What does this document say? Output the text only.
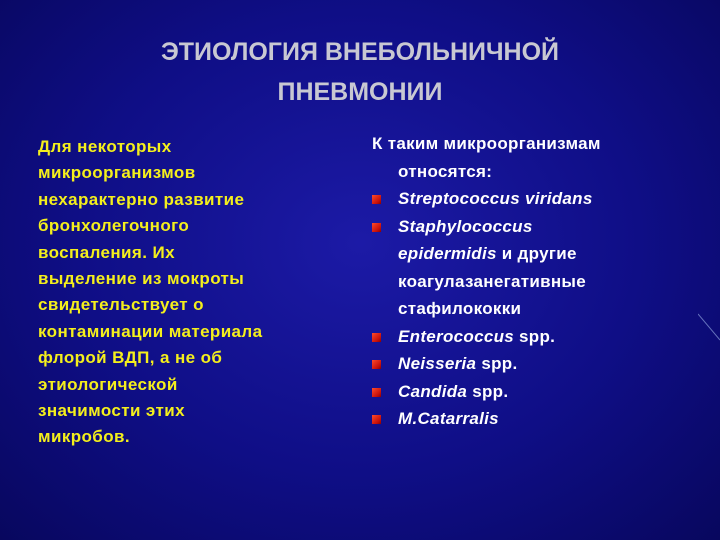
ЭТИОЛОГИЯ ВНЕБОЛЬНИЧНОЙ
ПНЕВМОНИИ
Для некоторых
микроорганизмов
нехарактерно развитие
бронхолегочного
воспаления. Их
выделение из мокроты
свидетельствует о
контаминации материала
флорой ВДП, а не об
этиологической
значимости этих
микробов.
К таким микроорганизмам
относятся:
Streptococcus viridans
Staphylococcus
epidermidis и другие
коагулазанегативные
стафилококки
Enterococcus spp.
Neisseria spp.
Candida spp.
M.Catarralis
